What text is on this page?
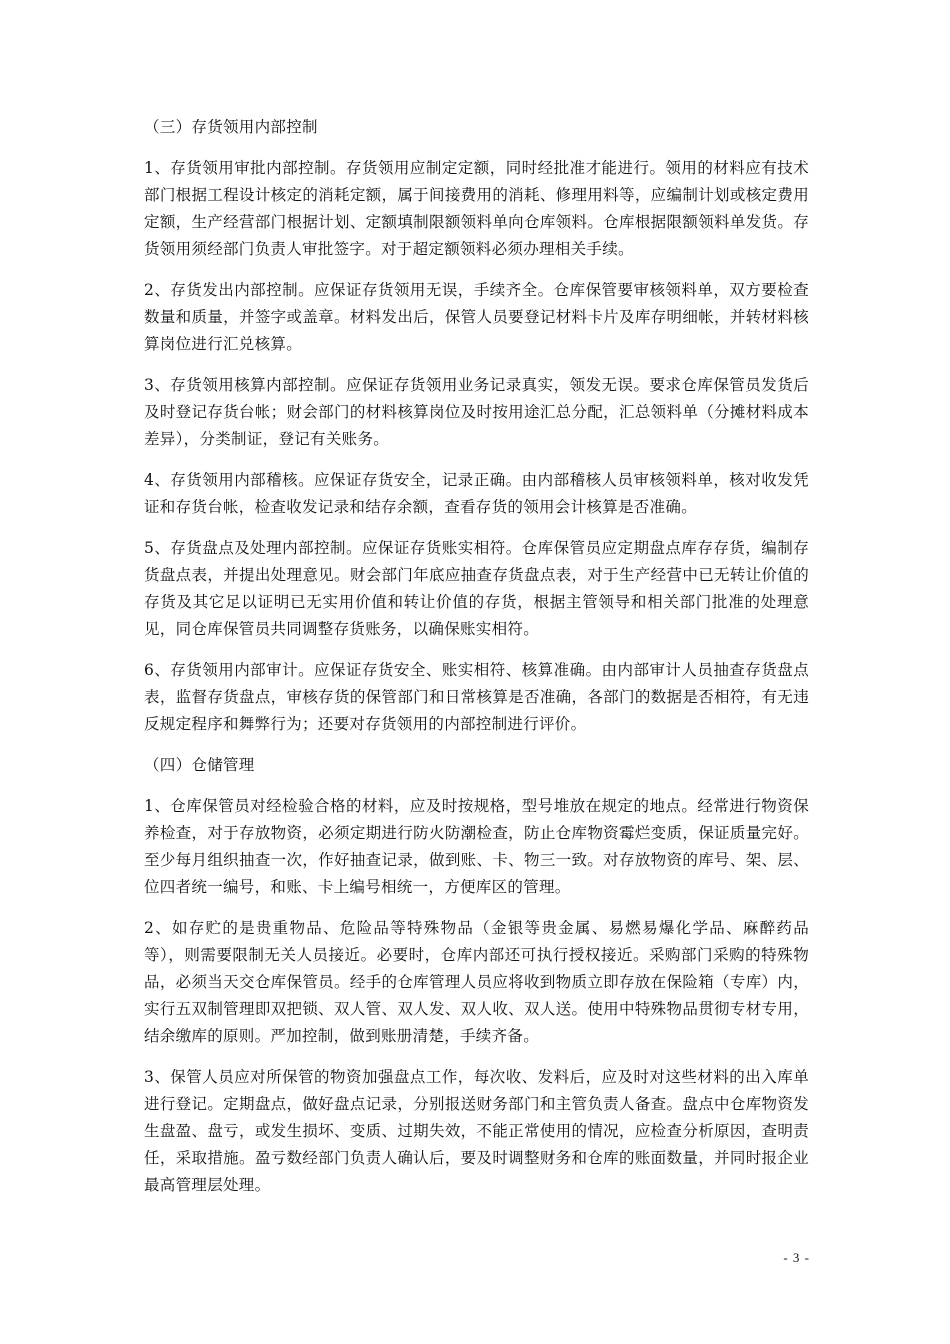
（三）存货领用内部控制

1、存货领用审批内部控制。存货领用应制定定额，同时经批准才能进行。领用的材料应有技术部门根据工程设计核定的消耗定额，属于间接费用的消耗、修理用料等，应编制计划或核定费用定额，生产经营部门根据计划、定额填制限额领料单向仓库领料。仓库根据限额领料单发货。存货领用须经部门负责人审批签字。对于超定额领料必须办理相关手续。

2、存货发出内部控制。应保证存货领用无误，手续齐全。仓库保管要审核领料单，双方要检查数量和质量，并签字或盖章。材料发出后，保管人员要登记材料卡片及库存明细帐，并转材料核算岗位进行汇兑核算。

3、存货领用核算内部控制。应保证存货领用业务记录真实，领发无误。要求仓库保管员发货后及时登记存货台帐；财会部门的材料核算岗位及时按用途汇总分配，汇总领料单（分摊材料成本差异），分类制证，登记有关账务。

4、存货领用内部稽核。应保证存货安全，记录正确。由内部稽核人员审核领料单，核对收发凭证和存货台帐，检查收发记录和结存余额，查看存货的领用会计核算是否准确。

5、存货盘点及处理内部控制。应保证存货账实相符。仓库保管员应定期盘点库存存货，编制存货盘点表，并提出处理意见。财会部门年底应抽查存货盘点表，对于生产经营中已无转让价值的存货及其它足以证明已无实用价值和转让价值的存货，根据主管领导和相关部门批准的处理意见，同仓库保管员共同调整存货账务，以确保账实相符。

6、存货领用内部审计。应保证存货安全、账实相符、核算准确。由内部审计人员抽查存货盘点表，监督存货盘点，审核存货的保管部门和日常核算是否准确，各部门的数据是否相符，有无违反规定程序和舞弊行为；还要对存货领用的内部控制进行评价。

（四）仓储管理

1、仓库保管员对经检验合格的材料，应及时按规格，型号堆放在规定的地点。经常进行物资保养检查，对于存放物资，必须定期进行防火防潮检查，防止仓库物资霉烂变质，保证质量完好。至少每月组织抽查一次，作好抽查记录，做到账、卡、物三一致。对存放物资的库号、架、层、位四者统一编号，和账、卡上编号相统一，方便库区的管理。

2、如存贮的是贵重物品、危险品等特殊物品（金银等贵金属、易燃易爆化学品、麻醉药品等），则需要限制无关人员接近。必要时，仓库内部还可执行授权接近。采购部门采购的特殊物品，必须当天交仓库保管员。经手的仓库管理人员应将收到物质立即存放在保险箱（专库）内，实行五双制管理即双把锁、双人管、双人发、双人收、双人送。使用中特殊物品贯彻专材专用，结余缴库的原则。严加控制，做到账册清楚，手续齐备。

3、保管人员应对所保管的物资加强盘点工作，每次收、发料后，应及时对这些材料的出入库单进行登记。定期盘点，做好盘点记录，分别报送财务部门和主管负责人备查。盘点中仓库物资发生盘盈、盘亏，或发生损坏、变质、过期失效，不能正常使用的情况，应检查分析原因，查明责任，采取措施。盈亏数经部门负责人确认后，要及时调整财务和仓库的账面数量，并同时报企业最高管理层处理。

- 3 -
